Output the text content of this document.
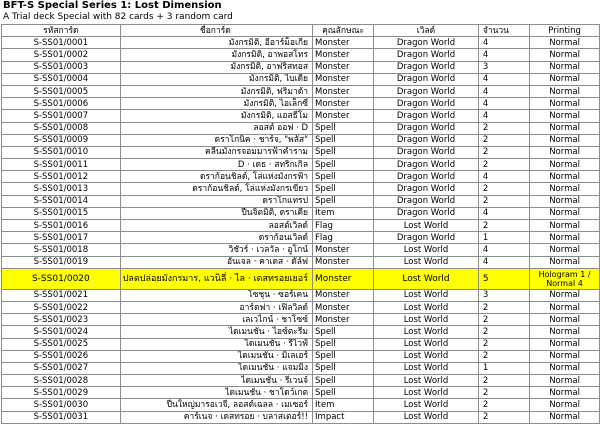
BFT-S Special Series 1: Lost Dimension
A Trial deck Special with 82 cards + 3 random card
รหัสการ์ด	ชื่อการ์ด	คุณลักษณะ	เวิลด์	จำนวน	Printing
S-SS01/0001	มังกรมิติ, อีอาร์ม็อเกีย	Monster	Dragon World	4	Normal
S-SS01/0002	มังกรมิติ, อาพอสโทร	Monster	Dragon World	4	Normal
S-SS01/0003	มังกรมิติ, อาฟริสทอส	Monster	Dragon World	3	Normal
S-SS01/0004	มังกรมิติ, ไบเดีย	Monster	Dragon World	4	Normal
S-SS01/0005	มังกรมิติ, ฟริมาด้า	Monster	Dragon World	4	Normal
S-SS01/0006	มังกรมิติ, ไอเล็กซี่	Monster	Dragon World	4	Normal
S-SS01/0007	มังกรมิติ, แอสธีโม	Monster	Dragon World	4	Normal
S-SS01/0008	ลอสต์ ออฟ · D	Spell	Dragon World	2	Normal
S-SS01/0009	ดราโกนิค · ชาร์จ, "พลัส"	Spell	Dragon World	2	Normal
S-SS01/0010	คลื่นมังกรจอมมารฟ้าคำราม	Spell	Dragon World	2	Normal
S-SS01/0011	D · เดธ · สทริกเกิล	Spell	Dragon World	2	Normal
S-SS01/0012	ดราก้อนชิลด์, โล่แห่งมังกรฟ้า	Spell	Dragon World	4	Normal
S-SS01/0013	ดราก้อนชิลด์, โล่แห่งมังกรเขียว	Spell	Dragon World	2	Normal
S-SS01/0014	ดราโกแทรป	Spell	Dragon World	2	Normal
S-SS01/0015	ปืนจิตมิติ, ดราเคีย	Item	Dragon World	4	Normal
S-SS01/0016	ลอสต์เวิลด์	Flag	Lost World	2	Normal
S-SS01/0017	ดราก้อนเวิลด์	Flag	Dragon World	1	Normal
S-SS01/0018	วิชัวร์ · เวลวัล · อูโกน์	Monster	Lost World	4	Normal
S-SS01/0019	อันเจล · คาเดส · ดัล์ฟ	Monster	Lost World	4	Normal
S-SS01/0020	ปลดปล่อยมังกรมาร, แวนิลี่ · ไล · เดสทรอยเยอร์	Monster	Lost World	5	Hologram 1 / Normal 4
S-SS01/0021	โซชุน · ซอร์เคน	Monster	Lost World	3	Normal
S-SS01/0022	อาร์ตฟา · เฟิลวิลด์	Monster	Lost World	2	Normal
S-SS01/0023	เลเวไกน์ · ชาโซซ์	Monster	Lost World	2	Normal
S-SS01/0024	ไดเมนชั่น · ไอซ์ตะรีม	Spell	Lost World	2	Normal
S-SS01/0025	ไดเมนชั่น · รีไวฟ์	Spell	Lost World	2	Normal
S-SS01/0026	ไดเมนชั่น · มิเลเอร์	Spell	Lost World	2	Normal
S-SS01/0027	ไดเมนชั่น · แจมมิ่ง	Spell	Lost World	1	Normal
S-SS01/0028	ไดเมนชั่น · รีเวนจ์	Spell	Lost World	2	Normal
S-SS01/0029	ไดเมนชั่น · ชาโดว์เกต	Spell	Lost World	2	Normal
S-SS01/0030	ปืนใหญ่มารอเวจี, ลอสต์เฉลล · เมเซอร์	Item	Lost World	2	Normal
S-SS01/0031	คาร์เนจ · เดสทรอย · บลาสเตอร์!!	Impact	Lost World	2	Normal
